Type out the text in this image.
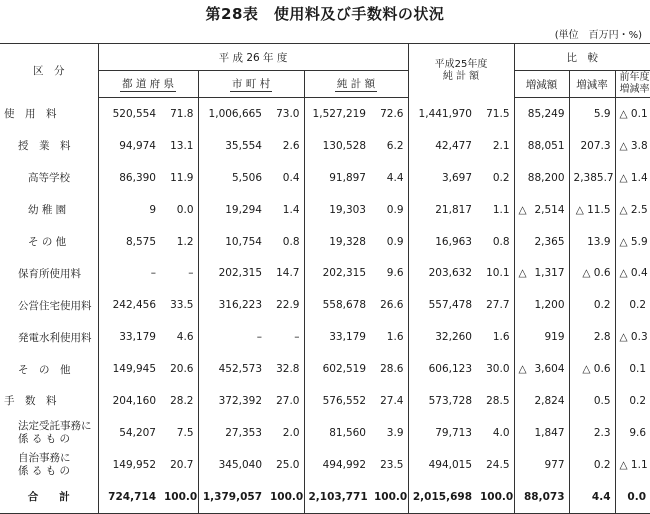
第28表　使用料及び手数料の状況
(単位　百万円・%)
区　分	平 成 26 年 度						平成25年度
純 計 額		比　較		
	都 道 府 県		市 町 村		純 計 額				増減額	増減率	前年度
増減率

使　用　料	520,554	71.8	1,006,665	73.0	1,527,219	72.6	1,441,970	71.5	85,249	5.9	△ 0.1
授　業　料	94,974	13.1	35,554	2.6	130,528	6.2	42,477	2.1	88,051	207.3	△ 3.8
高等学校	86,390	11.9	5,506	0.4	91,897	4.4	3,697	0.2	88,200	2,385.7	△ 1.4
幼 稚 園	9	0.0	19,294	1.4	19,303	0.9	21,817	1.1	△ 2,514	△ 11.5	△ 2.5
そ の 他	8,575	1.2	10,754	0.8	19,328	0.9	16,963	0.8	2,365	13.9	△ 5.9
保育所使用料	–	–	202,315	14.7	202,315	9.6	203,632	10.1	△ 1,317	△ 0.6	△ 0.4
公営住宅使用料	242,456	33.5	316,223	22.9	558,678	26.6	557,478	27.7	1,200	0.2	0.2
発電水利使用料	33,179	4.6	–	–	33,179	1.6	32,260	1.6	919	2.8	△ 0.3
そ　の　他	149,945	20.6	452,573	32.8	602,519	28.6	606,123	30.0	△ 3,604	△ 0.6	0.1
手　数　料	204,160	28.2	372,392	27.0	576,552	27.4	573,728	28.5	2,824	0.5	0.2

法定受託事務に
係 る も の	54,207	7.5	27,353	2.0	81,560	3.9	79,713	4.0	1,847	2.3	9.6

自治事務に
係 る も の	149,952	20.7	345,040	25.0	494,992	23.5	494,015	24.5	977	0.2	△ 1.1
合　　計	724,714	100.0	1,379,057	100.0	2,103,771	100.0	2,015,698	100.0	88,073	4.4	0.0
